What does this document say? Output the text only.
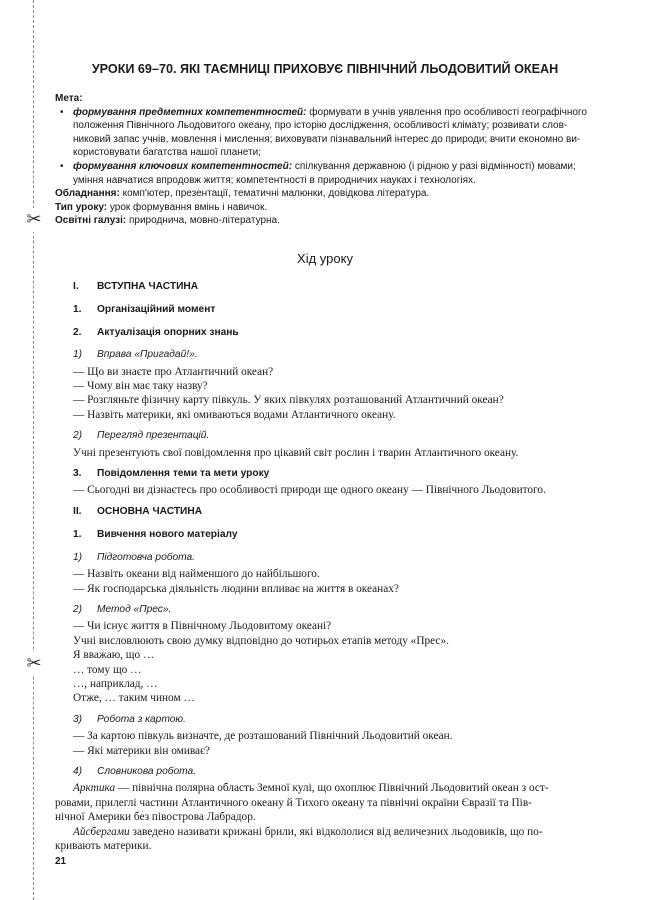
✂
✂
УРОКИ 69–70. ЯКІ ТАЄМНИЦІ ПРИХОВУЄ ПІВНІЧНИЙ ЛЬОДОВИТИЙ ОКЕАН
Мета:
• формування предметних компетентностей: формувати в учнів уявлення про особливості географічного
положення Північного Льодовитого океану, про історію дослідження, особливості клімату; розвивати слов-
никовий запас учнів, мовлення і мислення; виховувати пізнавальний інтерес до природи; вчити економно ви-
користовувати багатства нашої планети;
• формування ключових компетентностей: спілкування державною (і рідною у разі відмінності) мовами;
уміння навчатися впродовж життя; компетентності в природничих науках і технологіях.
Обладнання: комп'ютер, презентації, тематичні малюнки, довідкова література.
Тип уроку: урок формування вмінь і навичок.
Освітні галузі: природнича, мовно-літературна.
Хід уроку
I.	ВСТУПНА ЧАСТИНА
1.	Організаційний момент
2.	Актуалізація опорних знань
1)	Вправа «Пригадай!».

— Що ви знаєте про Атлантичний океан?

— Чому він має таку назву?

— Розгляньте фізичну карту півкуль. У яких півкулях розташований Атлантичний океан?

— Назвіть материки, які омиваються водами Атлантичного океану.

2)	Перегляд презентацій.

Учні презентують свої повідомлення про цікавий світ рослин і тварин Атлантичного океану.

3.	Повідомлення теми та мети уроку

— Сьогодні ви дізнаєтесь про особливості природи ще одного океану — Північного Льодовитого.

II.	ОСНОВНА ЧАСТИНА
1.	Вивчення нового матеріалу
1)	Підготовча робота.

— Назвіть океани від найменшого до найбільшого.

— Як господарська діяльність людини впливає на життя в океанах?

2)	Метод «Прес».

— Чи існує життя в Північному Льодовитому океані?

Учні висловлюють свою думку відповідно до чотирьох етапів методу «Прес».

Я вважаю, що …

… тому що …

…, наприклад, …

Отже, … таким чином …

3)	Робота з картою.

— За картою півкуль визначте, де розташований Північний Льодовитий океан.

— Які материки він омиває?

4)	Словникова робота.

Арктика — північна полярна область Земної кулі, що охоплює Північний Льодовитий океан з ост-

ровами, прилеглі частини Атлантичного океану й Тихого океану та північні окраїни Євразії та Пів-

нічної Америки без півострова Лабрадор.

Айсбергами заведено називати крижані брили, які відкололися від величезних льодовиків, що по-

кривають материки.

21
